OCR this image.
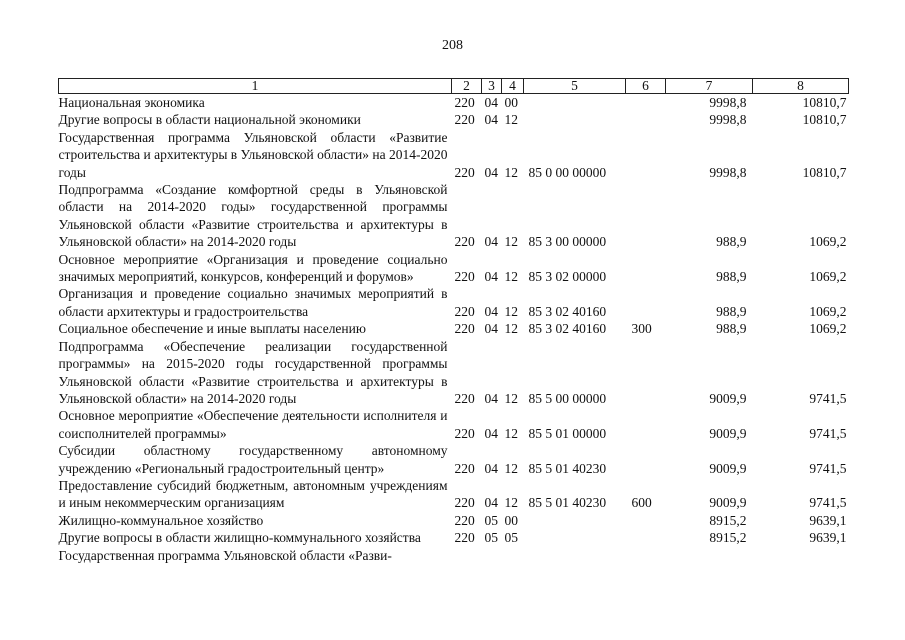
208
1	2	3	4	5	6	7	8
Национальная экономика	220	04	00			9998,8	10810,7
Другие вопросы в области национальной экономики	220	04	12			9998,8	10810,7
Государственная программа Ульяновской области «Развитие строительства и архитектуры в Ульяновской области» на 2014-2020 годы	220	04	12	85 0 00 00000		9998,8	10810,7
Подпрограмма «Создание комфортной среды в Ульяновской области на 2014-2020 годы» государственной программы Ульяновской области «Развитие строительства и архитектуры в Ульяновской области» на 2014-2020 годы	220	04	12	85 3 00 00000		988,9	1069,2
Основное мероприятие «Организация и проведение социально значимых мероприятий, конкурсов, конференций и форумов»	220	04	12	85 3 02 00000		988,9	1069,2
Организация и проведение социально значимых мероприятий в области архитектуры и градостроительства	220	04	12	85 3 02 40160		988,9	1069,2
Социальное обеспечение и иные выплаты населению	220	04	12	85 3 02 40160	300	988,9	1069,2
Подпрограмма «Обеспечение реализации государственной программы» на 2015-2020 годы государственной программы Ульяновской области «Развитие строительства и архитектуры в Ульяновской области» на 2014-2020 годы	220	04	12	85 5 00 00000		9009,9	9741,5
Основное мероприятие «Обеспечение деятельности исполнителя и соисполнителей программы»	220	04	12	85 5 01 00000		9009,9	9741,5
Субсидии областному государственному автономному учреждению «Региональный градостроительный центр»	220	04	12	85 5 01 40230		9009,9	9741,5
Предоставление субсидий бюджетным, автономным учреждениям и иным некоммерческим организациям	220	04	12	85 5 01 40230	600	9009,9	9741,5
Жилищно-коммунальное хозяйство	220	05	00			8915,2	9639,1
Другие вопросы в области жилищно-коммунального хозяйства	220	05	05			8915,2	9639,1
Государственная программа Ульяновской области «Разви-							
